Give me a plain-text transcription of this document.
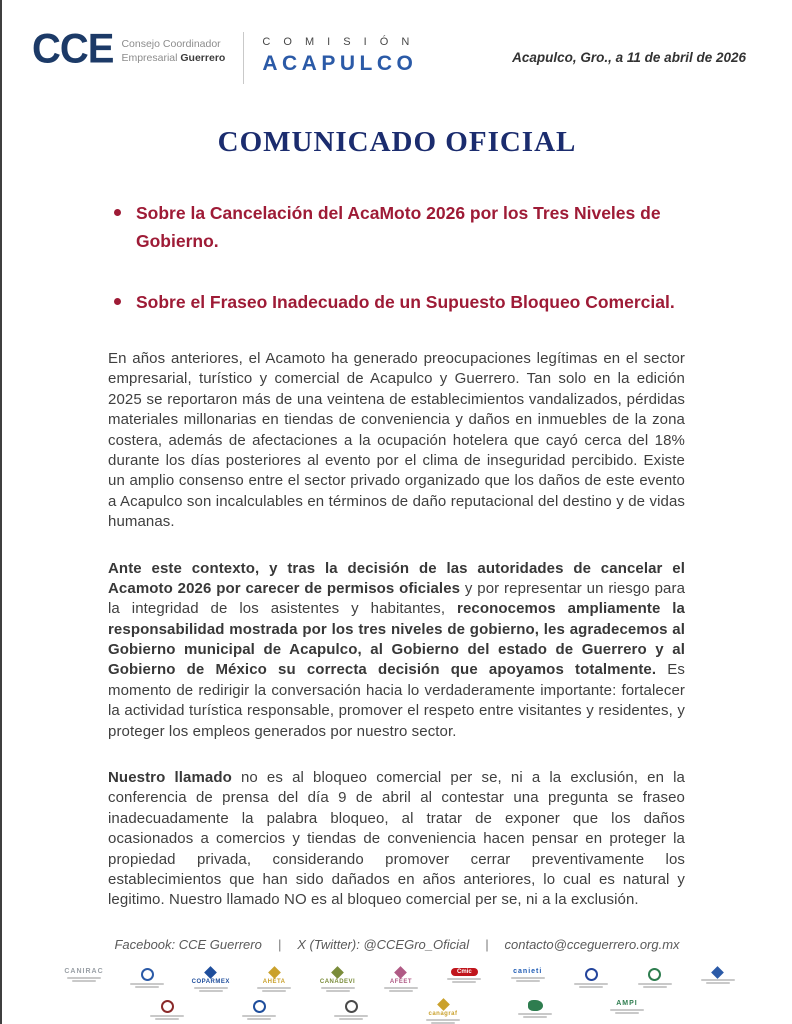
CCE Consejo Coordinador
Empresarial Guerrero
C O M I S I Ó N
ACAPULCO	Acapulco, Gro., a 11 de abril de 2026
COMUNICADO OFICIAL
Sobre la Cancelación del AcaMoto 2026 por los Tres Niveles de Gobierno.
Sobre el Fraseo Inadecuado de un Supuesto Bloqueo Comercial.

En años anteriores, el Acamoto ha generado preocupaciones legítimas en el sector empresarial, turístico y comercial de Acapulco y Guerrero. Tan solo en la edición 2025 se reportaron más de una veintena de establecimientos vandalizados, pérdidas materiales millonarias en tiendas de conveniencia y daños en inmuebles de la zona costera, además de afectaciones a la ocupación hotelera que cayó cerca del 18% durante los días posteriores al evento por el clima de inseguridad percibido. Existe un amplio consenso entre el sector privado organizado que los daños de este evento a Acapulco son incalculables en términos de daño reputacional del destino y de vidas humanas.

Ante este contexto, y tras la decisión de las autoridades de cancelar el Acamoto 2026 por carecer de permisos oficiales y por representar un riesgo para la integridad de los asistentes y habitantes, reconocemos ampliamente la responsabilidad mostrada por los tres niveles de gobierno, les agradecemos al Gobierno municipal de Acapulco, al Gobierno del estado de Guerrero y al Gobierno de México su correcta decisión que apoyamos totalmente. Es momento de redirigir la conversación hacia lo verdaderamente importante: fortalecer la actividad turística responsable, promover el respeto entre visitantes y residentes, y proteger los empleos generados por nuestro sector.

Nuestro llamado no es al bloqueo comercial per se, ni a la exclusión, en la conferencia de prensa del día 9 de abril al contestar una pregunta se fraseo inadecuadamente la palabra bloqueo, al tratar de exponer que los daños ocasionados a comercios y tiendas de conveniencia hacen pensar en proteger la propiedad privada, considerando promover cerrar preventivamente los establecimientos que han sido dañados en años anteriores, lo cual es natural y legitimo. Nuestro llamado NO es al bloqueo comercial per se, ni a la exclusión.

Facebook: CCE Guerrero | X (Twitter): @CCEGro_Oficial | contacto@cceguerrero.org.mx
CANIRAC
COPARMEX	AHETA	CANADEVI	AFEET
Cmic	canieti
canagraf
AMPI
